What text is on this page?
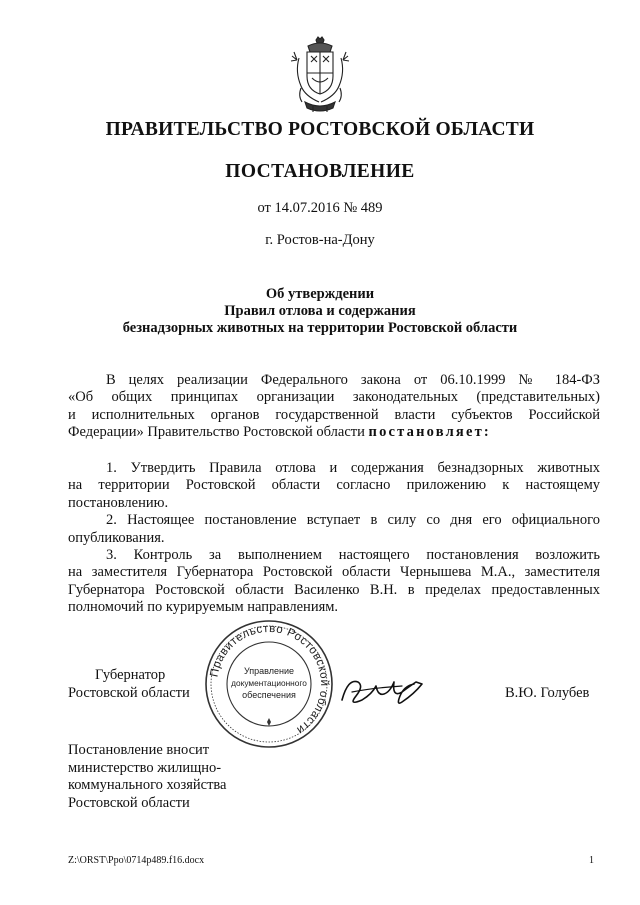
ПРАВИТЕЛЬСТВО РОСТОВСКОЙ ОБЛАСТИ
ПОСТАНОВЛЕНИЕ
от 14.07.2016 № 489
г. Ростов-на-Дону
Об утверждении
Правил отлова и содержания
безнадзорных животных на территории Ростовской области

В целях реализации Федерального закона от 06.10.1999 № 184-ФЗ

«Об общих принципах организации законодательных (представительных)

и исполнительных органов государственной власти субъектов Российской

Федерации» Правительство Ростовской области постановляет:

1. Утвердить Правила отлова и содержания безнадзорных животных

на территории Ростовской области согласно приложению к настоящему

постановлению.

2. Настоящее постановление вступает в силу со дня его официального

опубликования.

3. Контроль за выполнением настоящего постановления возложить

на заместителя Губернатора Ростовской области Чернышева М.А., заместителя

Губернатора Ростовской области Василенко В.Н. в пределах предоставленных

полномочий по курируемым направлениям.

Губернатор
Ростовской области	В.Ю. Голубев
Правительство Ростовской области
Управление
документационного
обеспечения
Постановление вносит
министерство жилищно-
коммунального хозяйства
Ростовской области
Z:\ORST\Ppo\0714p489.f16.docx	1
